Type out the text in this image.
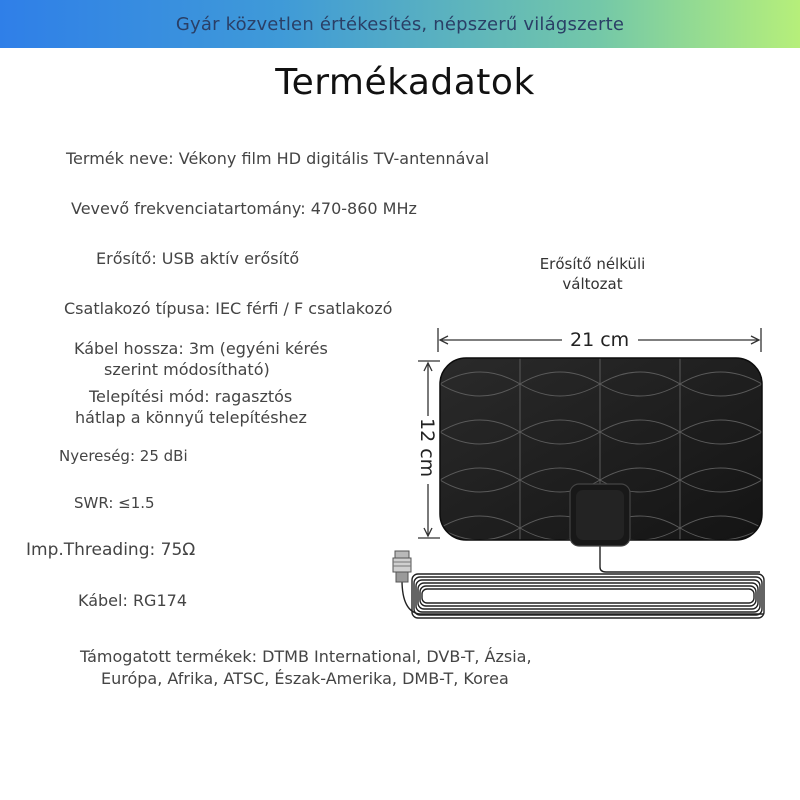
Gyár közvetlen értékesítés, népszerű világszerte
Termékadatok
Termék neve: Vékony film HD digitális TV-antennával
Vevevő frekvenciatartomány: 470-860 MHz
Erősítő: USB aktív erősítő
Csatlakozó típusa: IEC férfi / F csatlakozó
Kábel hossza: 3m (egyéni kérés
szerint módosítható)
Telepítési mód: ragasztós
hátlap a könnyű telepítéshez
Nyereség: 25 dBi
SWR: ≤1.5
Imp.Threading: 75Ω
Kábel: RG174
Támogatott termékek: DTMB International, DVB-T, Ázsia,
Európa, Afrika, ATSC, Észak-Amerika, DMB-T, Korea
Erősítő nélküli
változat
21 cm
12 cm
